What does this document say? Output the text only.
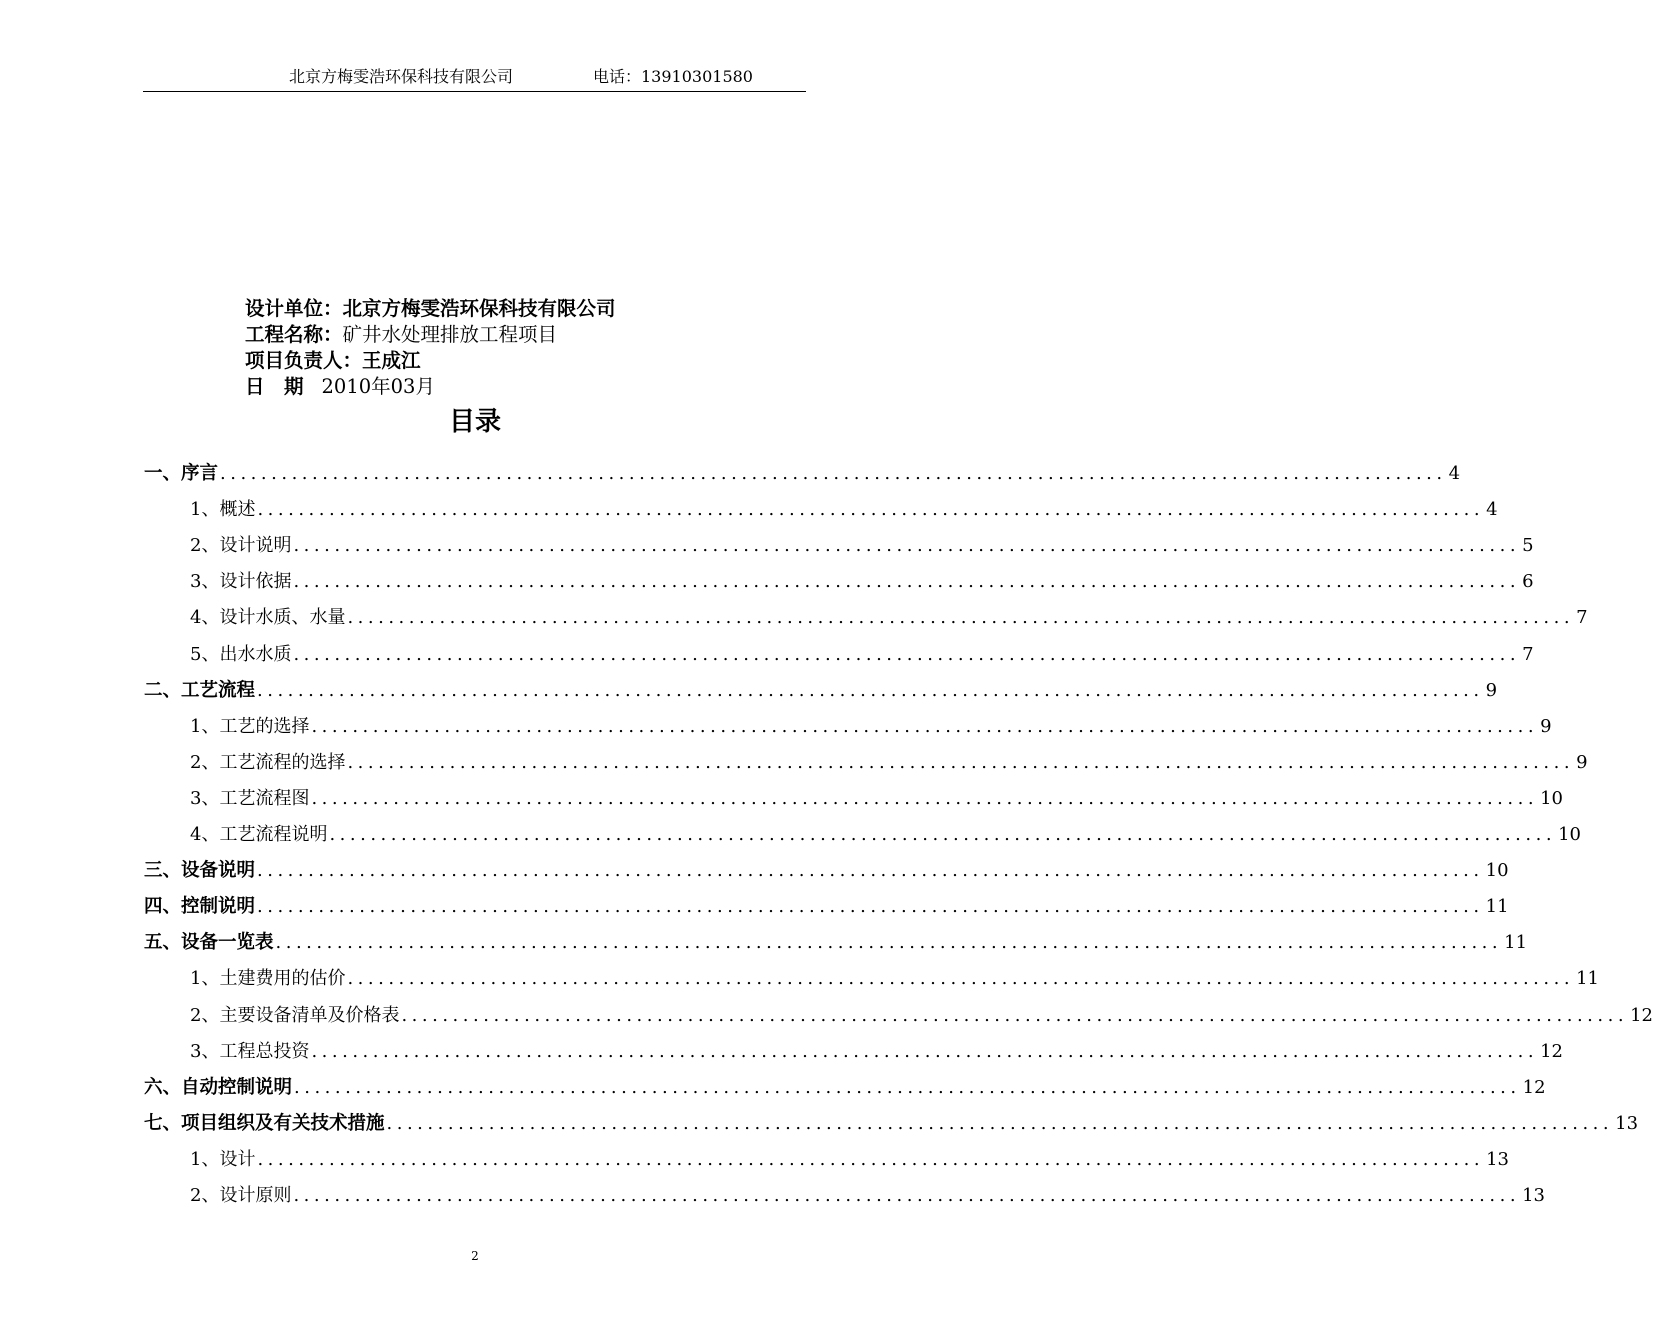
北京方梅雯浩环保科技有限公司	电话：13910301580
设计单位：北京方梅雯浩环保科技有限公司
工程名称：矿井水处理排放工程项目
项目负责人：王成江
日　期 2010年03月
目录
一、序言 ........................................................................................................................ 4
1、概述 ........................................................................................................................ 4
2、设计说明 ........................................................................................................................ 5
3、设计依据 ........................................................................................................................ 6
4、设计水质、水量 ........................................................................................................................ 7
5、出水水质 ........................................................................................................................ 7
二、工艺流程 ........................................................................................................................ 9
1、工艺的选择 ........................................................................................................................ 9
2、工艺流程的选择 ........................................................................................................................ 9
3、工艺流程图 ........................................................................................................................ 10
4、工艺流程说明 ........................................................................................................................ 10
三、设备说明 ........................................................................................................................ 10
四、控制说明 ........................................................................................................................ 11
五、设备一览表 ........................................................................................................................ 11
1、土建费用的估价 ........................................................................................................................ 11
2、主要设备清单及价格表 ........................................................................................................................ 12
3、工程总投资 ........................................................................................................................ 12
六、自动控制说明 ........................................................................................................................ 12
七、项目组织及有关技术措施 ........................................................................................................................ 13
1、设计 ........................................................................................................................ 13
2、设计原则 ........................................................................................................................ 13
2
